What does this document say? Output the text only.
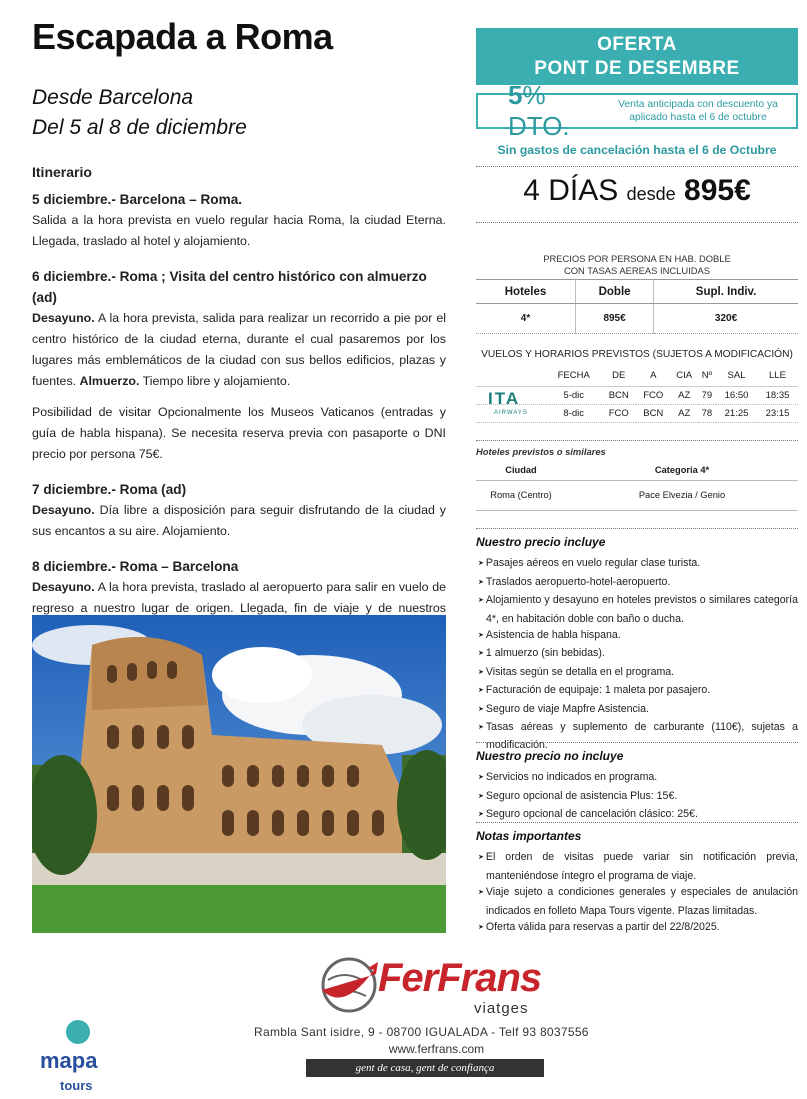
Escapada a Roma
Desde Barcelona
Del 5 al 8 de diciembre
Itinerario
5 diciembre.- Barcelona – Roma.

Salida a la hora prevista en vuelo regular hacia Roma, la ciudad Eterna. Llegada, traslado al hotel y alojamiento.

6 diciembre.- Roma ; Visita del centro histórico con almuerzo (ad)

Desayuno. A la hora prevista, salida para realizar un recorrido a pie por el centro histórico de la ciudad eterna, durante el cual pasaremos por los lugares más emblemáticos de la ciudad con sus bellos edificios, plazas y fuentes. Almuerzo. Tiempo libre y alojamiento.

Posibilidad de visitar Opcionalmente los Museos Vaticanos (entradas y guía de habla hispana). Se necesita reserva previa con pasaporte o DNI precio por persona 75€.

7 diciembre.- Roma (ad)

Desayuno. Día libre a disposición para seguir disfrutando de la ciudad y sus encantos a su aire. Alojamiento.

8 diciembre.- Roma – Barcelona

Desayuno. A la hora prevista, traslado al aeropuerto para salir en vuelo de regreso a nuestro lugar de origen. Llegada, fin de viaje y de nuestros

OFERTA
PONT DE DESEMBRE
5% DTO.
Venta anticipada con descuento ya aplicado hasta el 6 de octubre
Sin gastos de cancelación hasta el 6 de Octubre
4 DÍAS desde 895€
PRECIOS POR PERSONA EN HAB. DOBLE
CON TASAS AEREAS INCLUIDAS
Hoteles	Doble	Supl. Indiv.
4*	895€	320€
VUELOS Y HORARIOS PREVISTOS (SUJETOS A MODIFICACIÓN)
ITA
AIRWAYS
	FECHA	DE	A	CIA	Nº	SAL	LLE
	5-dic	BCN	FCO	AZ	79	16:50	18:35
	8-dic	FCO	BCN	AZ	78	21:25	23:15
Hoteles previstos o similares
Ciudad	Categoria 4*
Roma (Centro)	Pace Elvezia / Genio
Nuestro precio incluye
➤ Pasajes aéreos en vuelo regular clase turista.
➤ Traslados aeropuerto-hotel-aeropuerto.
➤ Alojamiento y desayuno en hoteles previstos o similares categoría 4*, en habitación doble con baño o ducha.
➤ Asistencia de habla hispana.
➤ 1 almuerzo (sin bebidas).
➤ Visitas según se detalla en el programa.
➤ Facturación de equipaje: 1 maleta por pasajero.
➤ Seguro de viaje Mapfre Asistencia.
➤ Tasas aéreas y suplemento de carburante (110€), sujetas a modificación.
Nuestro precio no incluye
➤ Servicios no indicados en programa.
➤ Seguro opcional de asistencia Plus: 15€.
➤ Seguro opcional de cancelación clásico: 25€.
Notas importantes
➤ El orden de visitas puede variar sin notificación previa, manteniéndose íntegro el programa de viaje.
➤ Viaje sujeto a condiciones generales y especiales de anulación indicados en folleto Mapa Tours vigente. Plazas limitadas.
➤ Oferta válida para reservas a partir del 22/8/2025.
FerFrans
viatges
Rambla Sant isidre, 9 - 08700 IGUALADA - Telf 93 8037556
www.ferfrans.com
gent de casa, gent de confiança
mapa
tours
